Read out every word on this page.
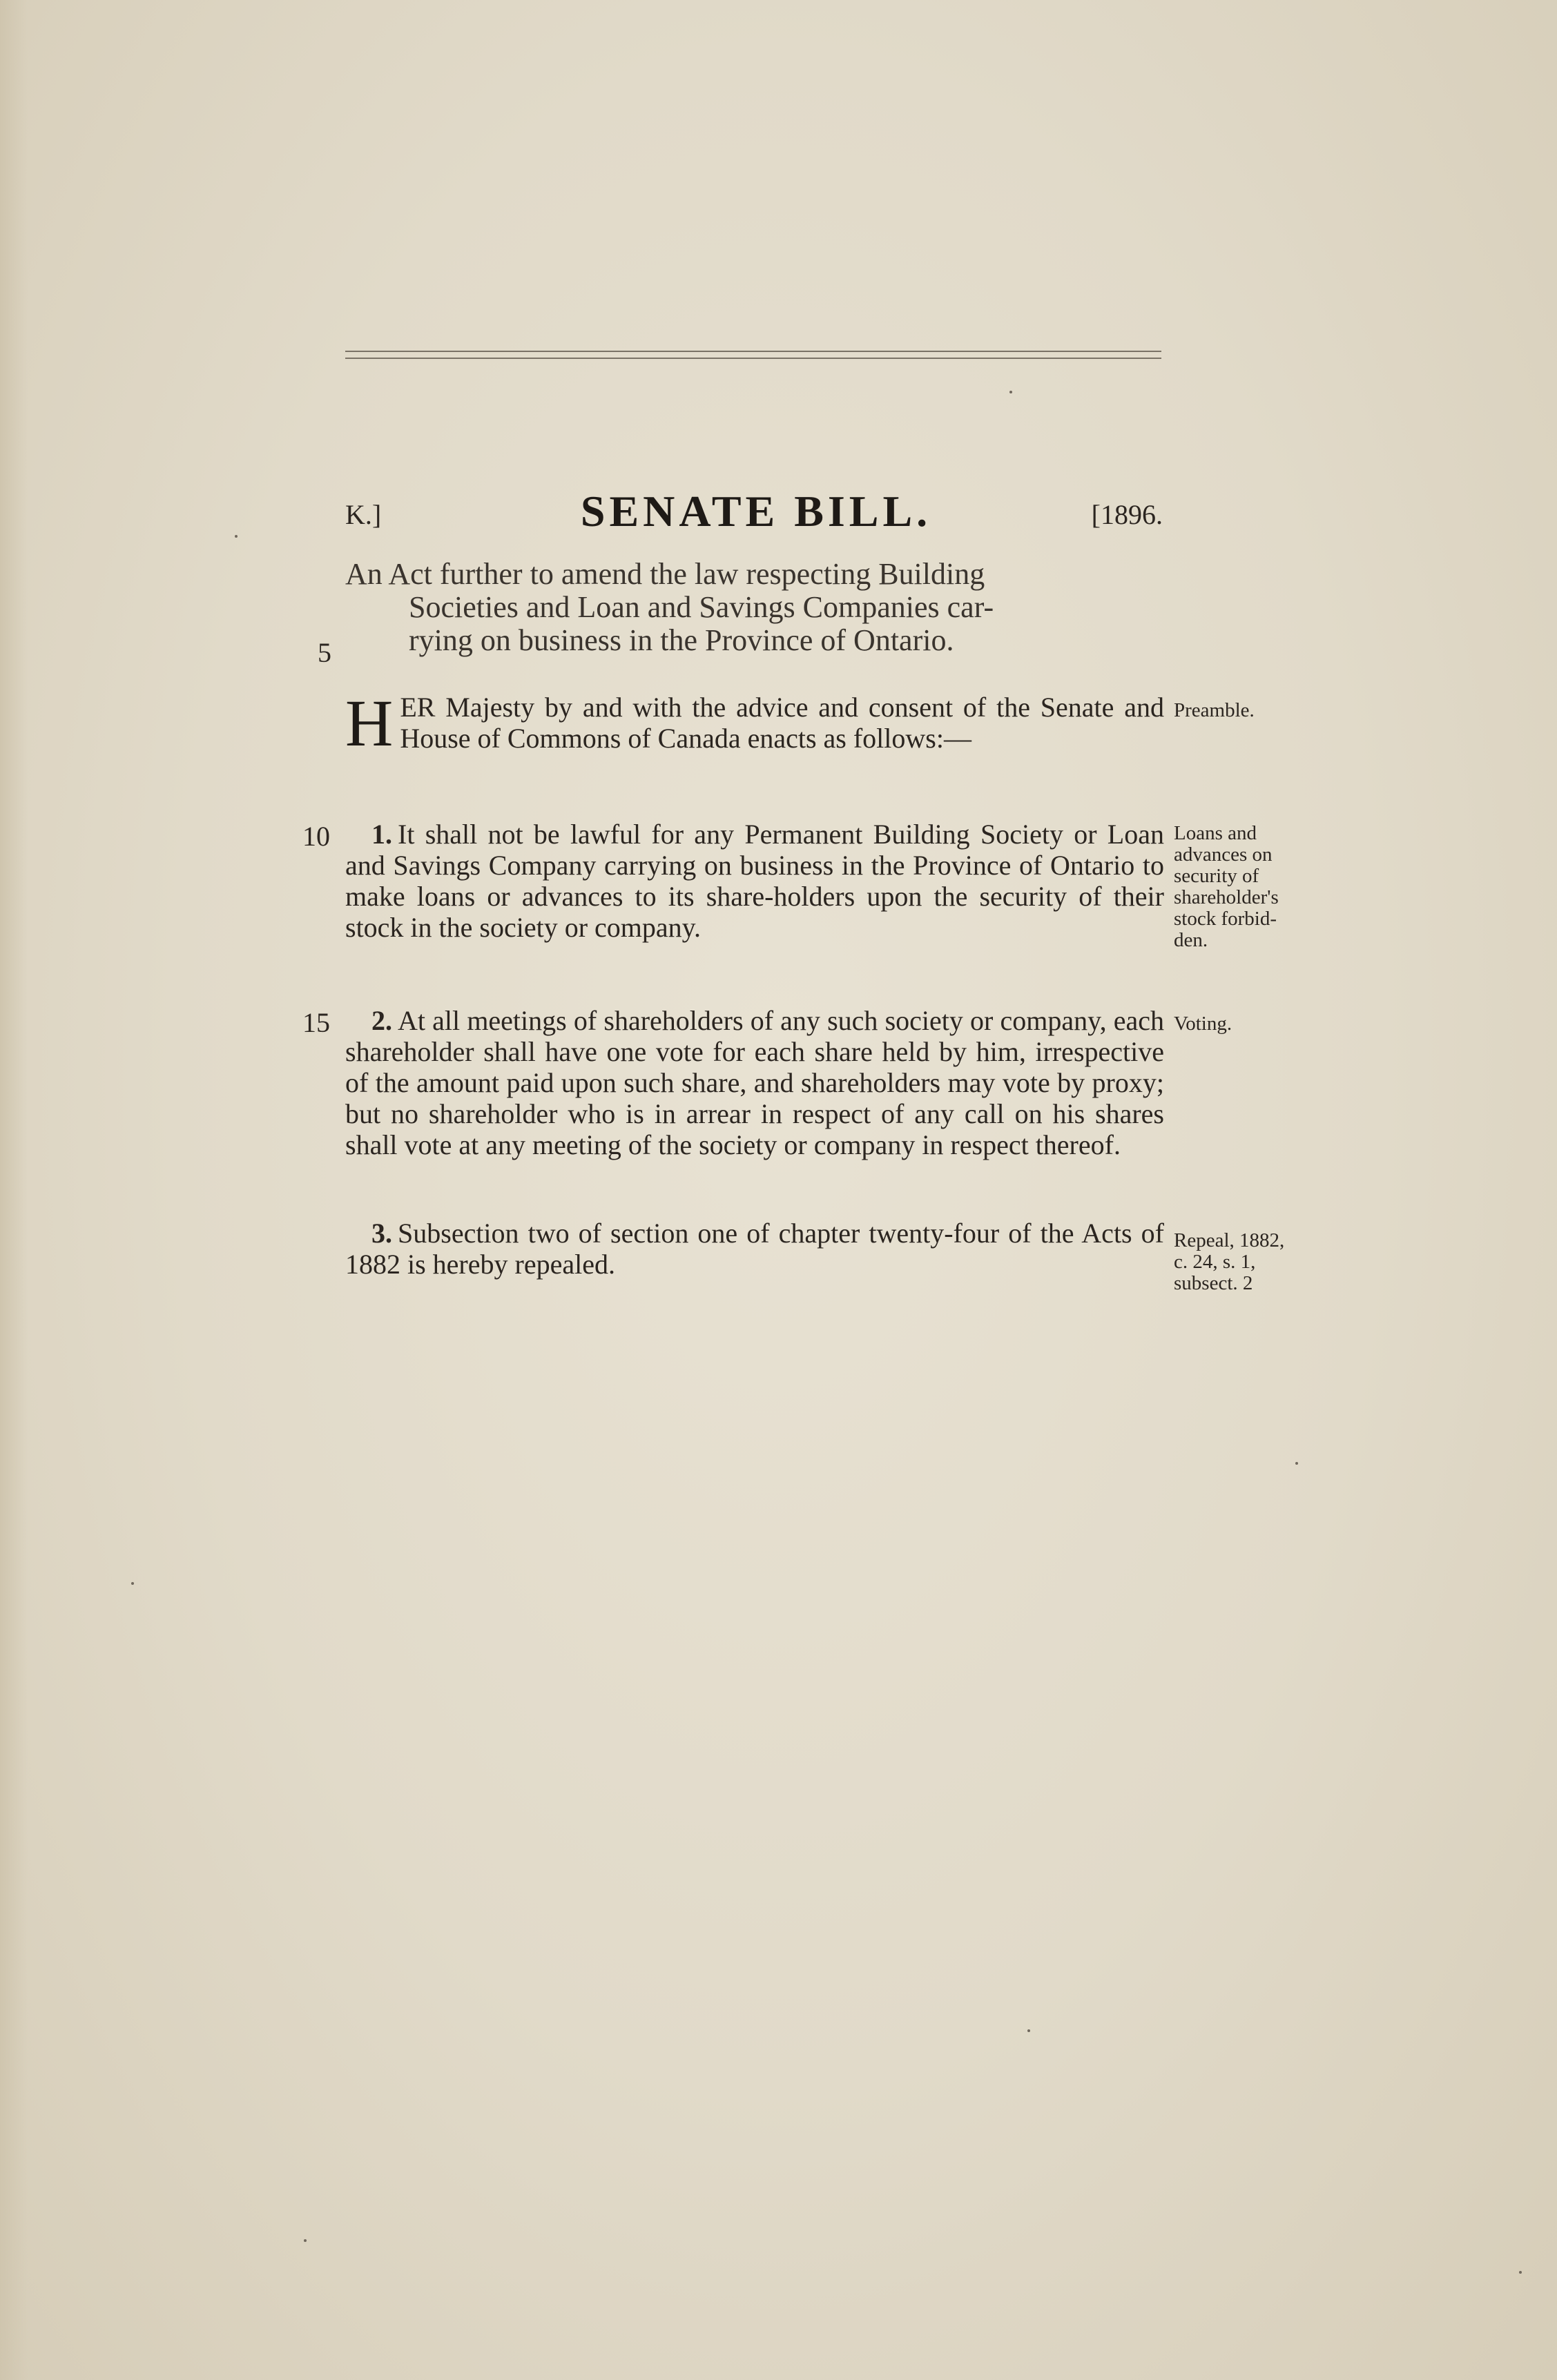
K.]	SENATE BILL.	[1896.

An Act further to amend the law respecting Building

Societies and Loan and Savings Companies car-

rying on business in the Province of Ontario.

5
HER Majesty by and with the advice and consent of the Senate and House of Commons of Canada enacts as follows:—
Preamble.
10	1. It shall not be lawful for any Permanent Building Society or Loan and Savings Company carrying on business in the Province of Ontario to make loans or advances to its share-holders upon the security of their stock in the society or company.
Loans and advances on security of shareholder's stock forbid-den.
15	2. At all meetings of shareholders of any such society or company, each shareholder shall have one vote for each share held by him, irrespective of the amount paid upon such share, and shareholders may vote by proxy; but no shareholder who is in arrear in respect of any call on his shares shall vote at any meeting of the society or company in respect thereof.
Voting.
3. Subsection two of section one of chapter twenty-four of the Acts of 1882 is hereby repealed.
Repeal, 1882, c. 24, s. 1, subsect. 2
